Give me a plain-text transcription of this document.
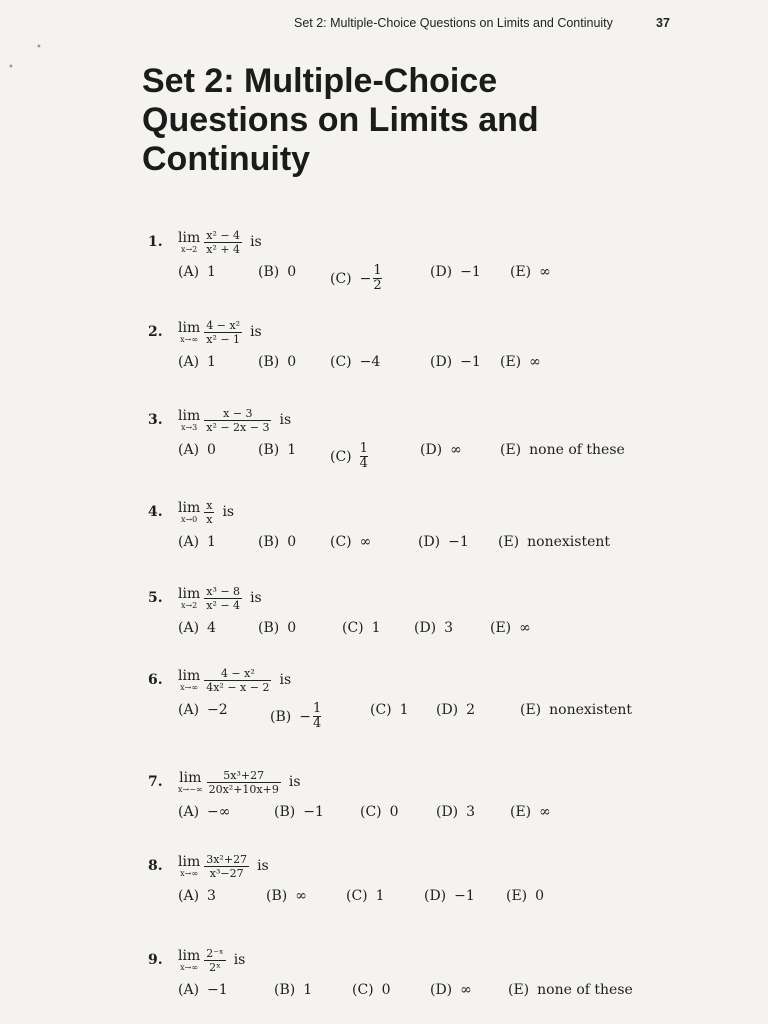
Set 2: Multiple-Choice Questions on Limits and Continuity	37
Set 2: Multiple-Choice
Questions on Limits and
Continuity
•
•
1.	lim
$x\to 2 \frac{\text{x² − 4}}{\text{x² + 4}}$ is
(A) 1	(B) 0 (C) − 1
2
(D) −1 (E) ∞
2.	lim
$x\to\infty \frac{\text{4 − x²}}{\text{x² − 1}}$ is
(A) 1	(B) 0 (C) −4	(D) −1 (E) ∞
3.	lim
$x\to 3 \frac{x - 3}{\text{x² − 2x − 3}}$ is
(A) 0	(B) 1 (C) 1
4
(D) ∞	(E) none of these
4.	lim
$x\to 0 \frac{x}{x}$ is
(A) 1	(B) 0 (C) ∞	(D) −1 (E) nonexistent
5.	lim
$x\to 2 \frac{\text{x³ − 8}}{\text{x² − 4}}$ is
(A) 4	(B) 0	(C) 1 (D) 3	(E) ∞
6.	lim
$x\to\infty \frac{\text{4 − x²}}{\text{4x² − x − 2}}$ is
(A) −2	(B) − 1
4
(C) 1 (D) 2	(E) nonexistent
7.	lim
$x\to-\infty \frac{\text{5x³+27}}{\text{20x²+10x+9}}$ is
(A) −∞	(B) −1	(C) 0	(D) 3 (E) ∞
8.	lim
$x\to\infty \frac{\text{3x²+27}}{\text{x³−27}}$ is
(A) 3	(B) ∞	(C) 1	(D) −1 (E) 0
9.	lim
$x\to\infty \frac{\text{2⁻ˣ}}{\text{2ˣ}}$ is
(A) −1	(B) 1	(C) 0	(D) ∞	(E) none of these
